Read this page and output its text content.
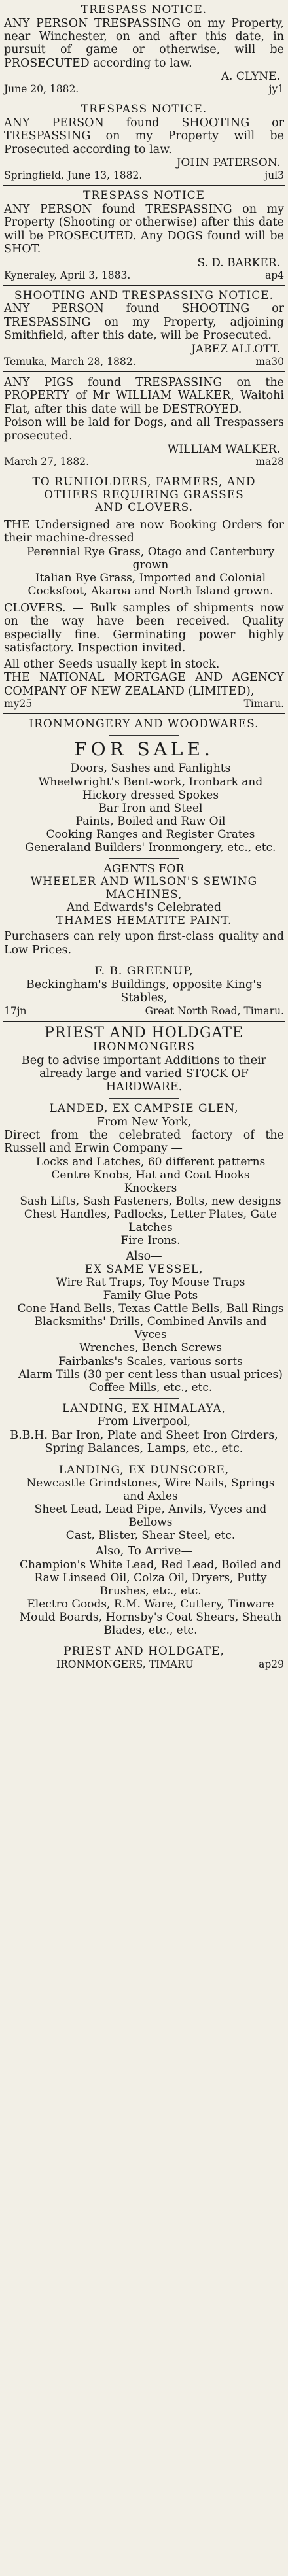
TRESPASS NOTICE.

ANY PERSON TRESPASSING on my Property, near Winchester, on and after this date, in pursuit of game or otherwise, will be PROSECUTED according to law.

A. CLYNE.
June 20, 1882.	jy1
TRESPASS NOTICE.

ANY PERSON found SHOOTING or TRESPASSING on my Property will be Prosecuted according to law.

JOHN PATERSON.
Springfield, June 13, 1882.	jul3
TRESPASS NOTICE

ANY PERSON found TRESPASSING on my Property (Shooting or otherwise) after this date will be PROSECUTED. Any DOGS found will be SHOT.

S. D. BARKER.
Kyneraley, April 3, 1883.	ap4
SHOOTING AND TRESPASSING NOTICE.

ANY PERSON found SHOOTING or TRESPASSING on my Property, adjoining Smithfield, after this date, will be Prosecuted.

JABEZ ALLOTT.
Temuka, March 28, 1882.	ma30

ANY PIGS found TRESPASSING on the PROPERTY of Mr WILLIAM WALKER, Waitohi Flat, after this date will be DESTROYED.

Poison will be laid for Dogs, and all Trespassers prosecuted.

WILLIAM WALKER.
March 27, 1882.	ma28
TO RUNHOLDERS, FARMERS, AND
OTHERS REQUIRING GRASSES
AND CLOVERS.

THE Undersigned are now Booking Orders for their machine-dressed

Perennial Rye Grass, Otago and Canterbury grown
Italian Rye Grass, Imported and Colonial
Cocksfoot, Akaroa and North Island grown.

CLOVERS. — Bulk samples of shipments now on the way have been received. Quality especially fine. Germinating power highly satisfactory. Inspection invited.

All other Seeds usually kept in stock.

THE NATIONAL MORTGAGE AND AGENCY COMPANY OF NEW ZEALAND (LIMITED),

my25	Timaru.
IRONMONGERY AND WOODWARES.
FOR SALE.
Doors, Sashes and Fanlights
Wheelwright's Bent-work, Ironbark and Hickory dressed Spokes
Bar Iron and Steel
Paints, Boiled and Raw Oil
Cooking Ranges and Register Grates
Generaland Builders' Ironmongery, etc., etc.
AGENTS FOR
WHEELER AND WILSON'S SEWING MACHINES,
And Edwards's Celebrated
THAMES HEMATITE PAINT.

Purchasers can rely upon first-class quality and Low Prices.

F. B. GREENUP,
Beckingham's Buildings, opposite King's Stables,
17jn	Great North Road, Timaru.
PRIEST AND HOLDGATE
IRONMONGERS

Beg to advise important Additions to their already large and varied STOCK OF HARDWARE.

LANDED, EX CAMPSIE GLEN,
From New York,

Direct from the celebrated factory of the Russell and Erwin Company —

Locks and Latches, 60 different patterns
Centre Knobs, Hat and Coat Hooks
Knockers
Sash Lifts, Sash Fasteners, Bolts, new designs
Chest Handles, Padlocks, Letter Plates, Gate Latches
Fire Irons.
Also—
EX SAME VESSEL,
Wire Rat Traps, Toy Mouse Traps
Family Glue Pots
Cone Hand Bells, Texas Cattle Bells, Ball Rings
Blacksmiths' Drills, Combined Anvils and Vyces
Wrenches, Bench Screws
Fairbanks's Scales, various sorts
Alarm Tills (30 per cent less than usual prices)
Coffee Mills, etc., etc.
LANDING, EX HIMALAYA,
From Liverpool,

B.B.H. Bar Iron, Plate and Sheet Iron Girders, Spring Balances, Lamps, etc., etc.

LANDING, EX DUNSCORE,
Newcastle Grindstones, Wire Nails, Springs and Axles
Sheet Lead, Lead Pipe, Anvils, Vyces and Bellows
Cast, Blister, Shear Steel, etc.
Also, To Arrive—
Champion's White Lead, Red Lead, Boiled and Raw Linseed Oil, Colza Oil, Dryers, Putty Brushes, etc., etc.
Electro Goods, R.M. Ware, Cutlery, Tinware
Mould Boards, Hornsby's Coat Shears, Sheath Blades, etc., etc.
PRIEST AND HOLDGATE,
IRONMONGERS, TIMARU	ap29
